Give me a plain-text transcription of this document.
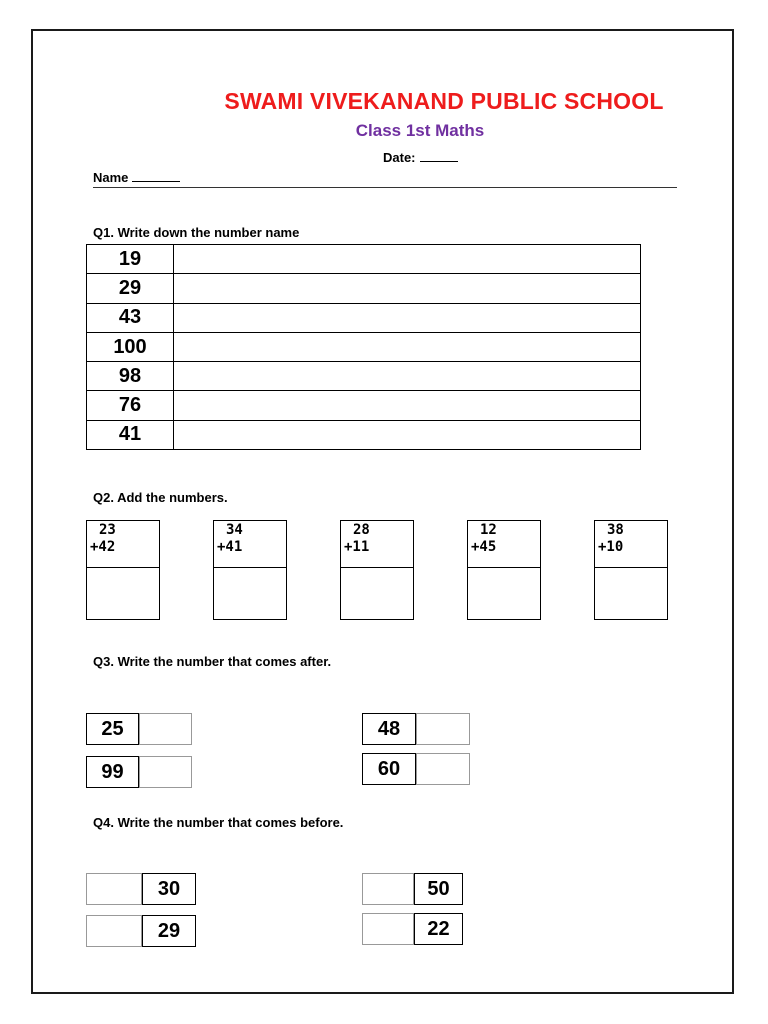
SWAMI VIVEKANAND PUBLIC SCHOOL
Class 1st Maths
Date:
Name
Q1. Write down the number name
19	
29	
43	
100	
98	
76	
41	
Q2. Add the numbers.
23
+42
34
+41
28
+11
12
+45
38
+10
Q3. Write the number that comes after.
25
99
48
60
Q4. Write the number that comes before.
30
29
50
22
